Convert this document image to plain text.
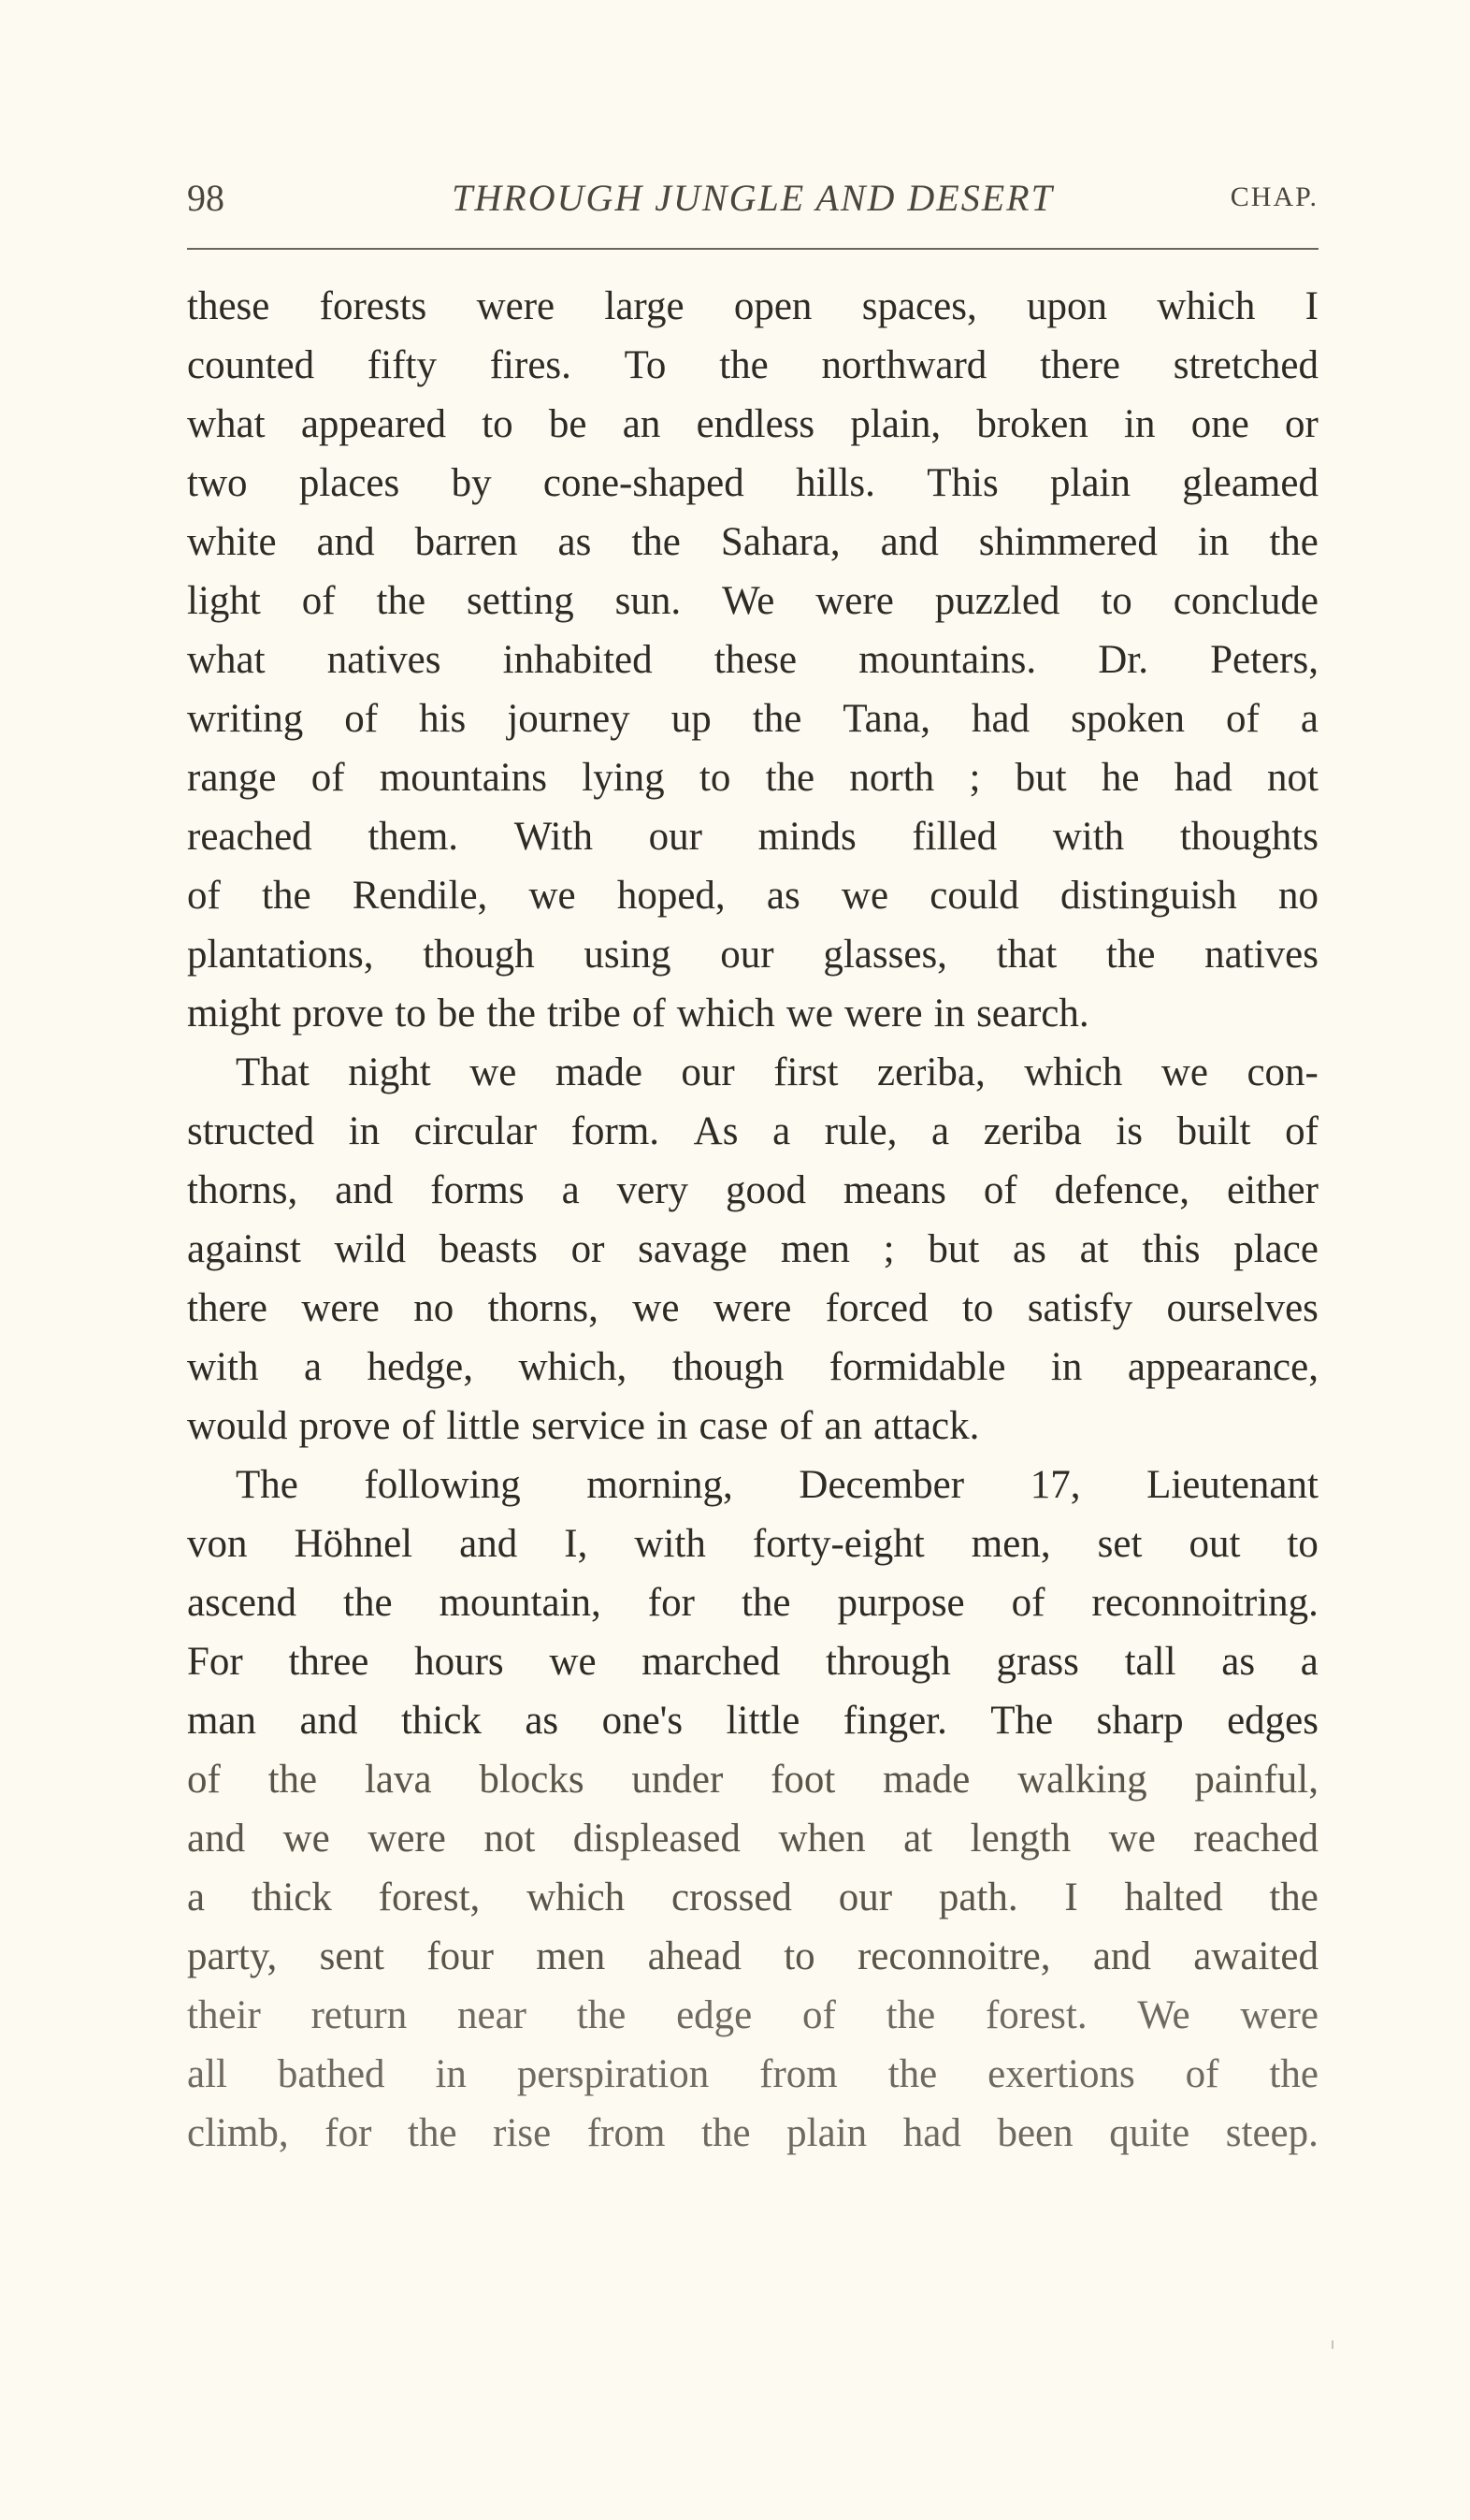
98	THROUGH JUNGLE AND DESERT	CHAP.
these forests were large open spaces, upon which I
counted fifty fires. To the northward there stretched
what appeared to be an endless plain, broken in one or
two places by cone-shaped hills. This plain gleamed
white and barren as the Sahara, and shimmered in the
light of the setting sun. We were puzzled to conclude
what natives inhabited these mountains. Dr. Peters,
writing of his journey up the Tana, had spoken of a
range of mountains lying to the north ; but he had not
reached them. With our minds filled with thoughts
of the Rendile, we hoped, as we could distinguish no
plantations, though using our glasses, that the natives
might prove to be the tribe of which we were in search.
That night we made our first zeriba, which we con-
structed in circular form. As a rule, a zeriba is built of
thorns, and forms a very good means of defence, either
against wild beasts or savage men ; but as at this place
there were no thorns, we were forced to satisfy ourselves
with a hedge, which, though formidable in appearance,
would prove of little service in case of an attack.
The following morning, December 17, Lieutenant
von Höhnel and I, with forty-eight men, set out to
ascend the mountain, for the purpose of reconnoitring.
For three hours we marched through grass tall as a
man and thick as one's little finger. The sharp edges
of the lava blocks under foot made walking painful,
and we were not displeased when at length we reached
a thick forest, which crossed our path. I halted the
party, sent four men ahead to reconnoitre, and awaited
their return near the edge of the forest. We were
all bathed in perspiration from the exertions of the
climb, for the rise from the plain had been quite steep.
